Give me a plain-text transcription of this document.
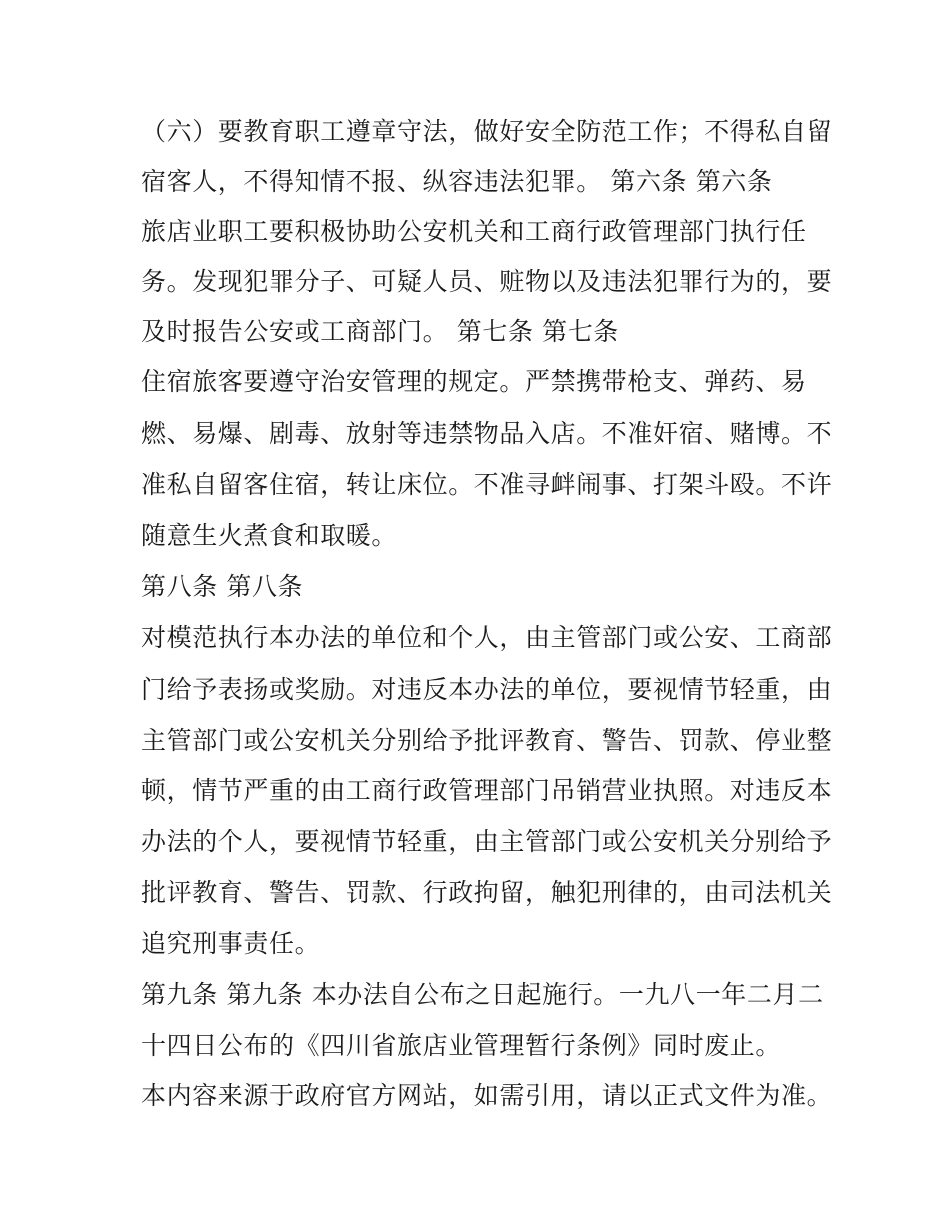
（六）要教育职工遵章守法，做好安全防范工作；不得私自留
宿客人，不得知情不报、纵容违法犯罪。 第六条 第六条
旅店业职工要积极协助公安机关和工商行政管理部门执行任
务。发现犯罪分子、可疑人员、赃物以及违法犯罪行为的，要
及时报告公安或工商部门。 第七条 第七条
住宿旅客要遵守治安管理的规定。严禁携带枪支、弹药、易
燃、易爆、剧毒、放射等违禁物品入店。不准奸宿、赌博。不
准私自留客住宿，转让床位。不准寻衅闹事、打架斗殴。不许
随意生火煮食和取暖。
第八条 第八条
对模范执行本办法的单位和个人，由主管部门或公安、工商部
门给予表扬或奖励。对违反本办法的单位，要视情节轻重，由
主管部门或公安机关分别给予批评教育、警告、罚款、停业整
顿，情节严重的由工商行政管理部门吊销营业执照。对违反本
办法的个人，要视情节轻重，由主管部门或公安机关分别给予
批评教育、警告、罚款、行政拘留，触犯刑律的，由司法机关
追究刑事责任。
第九条 第九条 本办法自公布之日起施行。一九八一年二月二
十四日公布的《四川省旅店业管理暂行条例》同时废止。
本内容来源于政府官方网站，如需引用，请以正式文件为准。
